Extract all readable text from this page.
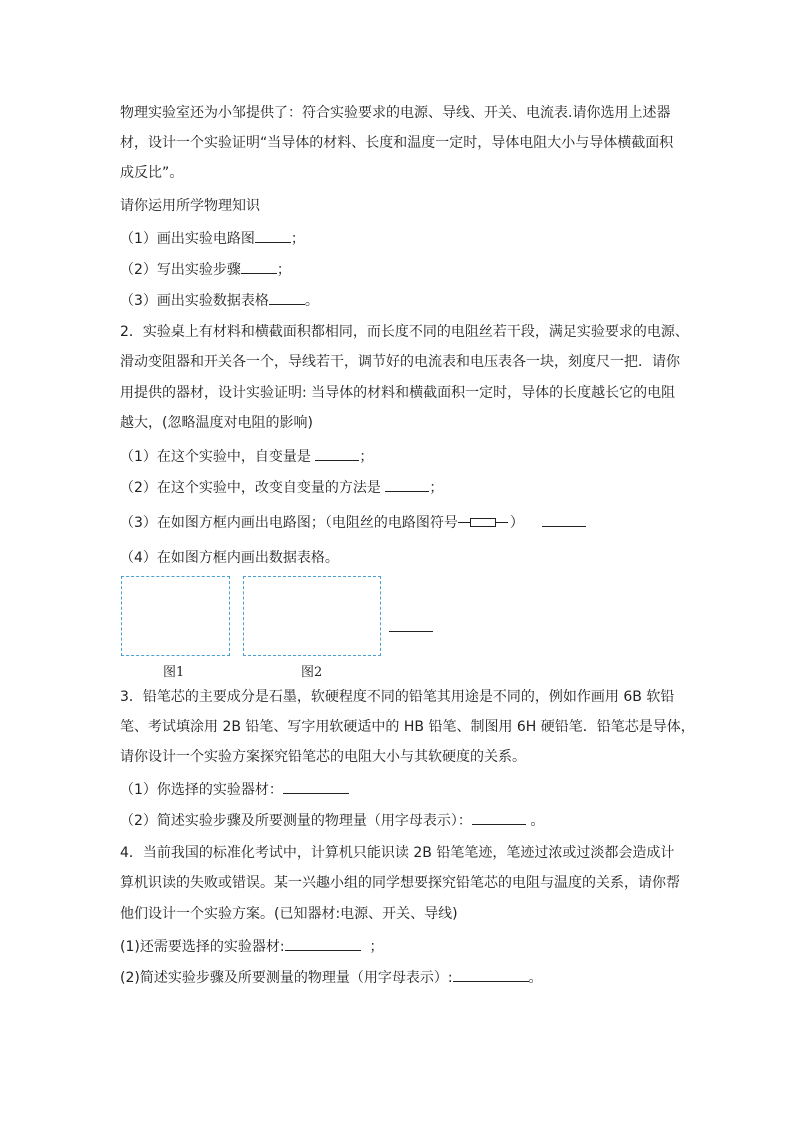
物理实验室还为小邹提供了：符合实验要求的电源、导线、开关、电流表.请你选用上述器
材，设计一个实验证明“当导体的材料、长度和温度一定时，导体电阻大小与导体横截面积
成反比”。
请你运用所学物理知识
（1）画出实验电路图	；
（2）写出实验步骤	；
（3）画出实验数据表格	。
2．实验桌上有材料和横截面积都相同，而长度不同的电阻丝若干段，满足实验要求的电源、
滑动变阻器和开关各一个，导线若干，调节好的电流表和电压表各一块，刻度尺一把．请你
用提供的器材，设计实验证明: 当导体的材料和横截面积一定时，导体的长度越长它的电阻
越大，(忽略温度对电阻的影响)
（1）在这个实验中，自变量是	；
（2）在这个实验中，改变自变量的方法是	；
（3）在如图方框内画出电路图；（电阻丝的电路图符号	）
（4）在如图方框内画出数据表格。
图1	图2
3．铅笔芯的主要成分是石墨，软硬程度不同的铅笔其用途是不同的，例如作画用 6B 软铅
笔、考试填涂用 2B 铅笔、写字用软硬适中的 HB 铅笔、制图用 6H 硬铅笔．铅笔芯是导体，
请你设计一个实验方案探究铅笔芯的电阻大小与其软硬度的关系。
（1）你选择的实验器材：
（2）简述实验步骤及所要测量的物理量（用字母表示）：	。
4．当前我国的标准化考试中，计算机只能识读 2B 铅笔笔迹，笔迹过浓或过淡都会造成计
算机识读的失败或错误。某一兴趣小组的同学想要探究铅笔芯的电阻与温度的关系，请你帮
他们设计一个实验方案。(已知器材:电源、开关、导线)
(1)还需要选择的实验器材:	；
(2)简述实验步骤及所要测量的物理量（用字母表示）:	。
